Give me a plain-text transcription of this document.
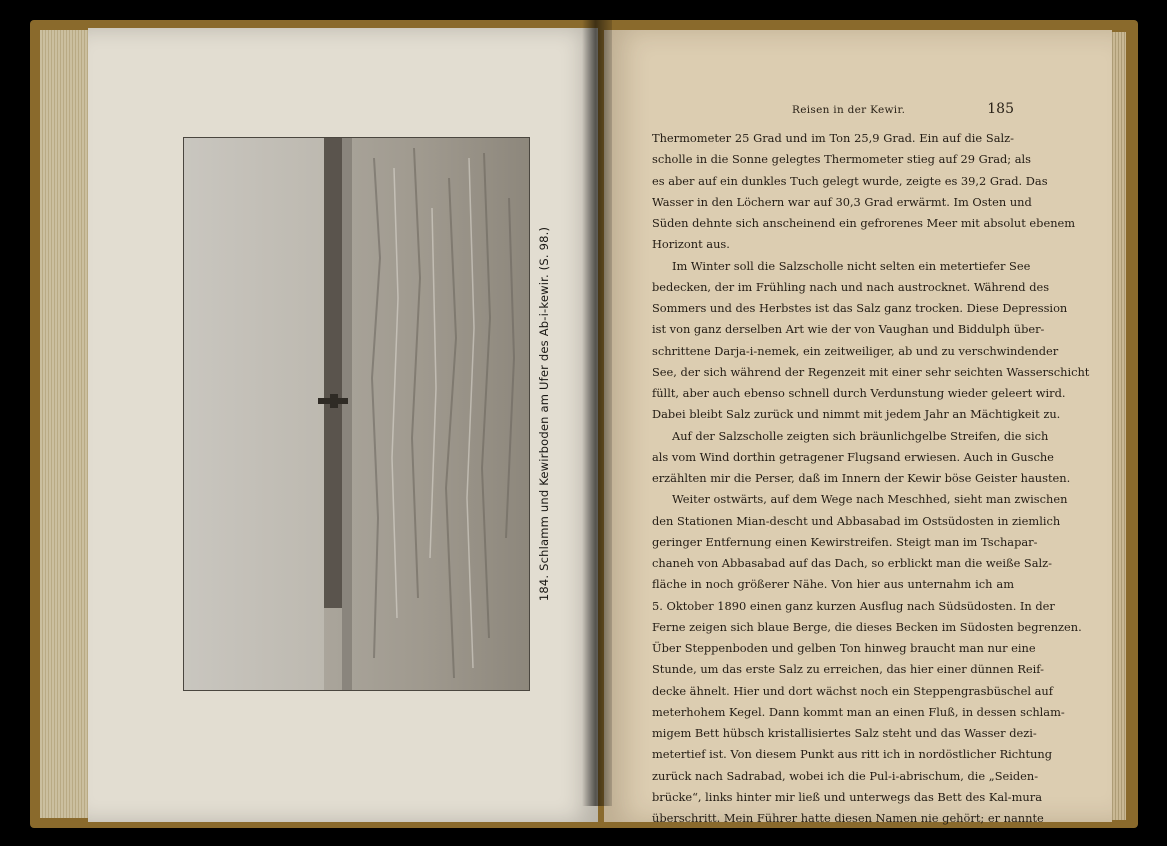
184. Schlamm und Kewirboden am Ufer des Ab-i-kewir. (S. 98.)
Reisen in der Kewir.	185
Thermometer 25 Grad und im Ton 25,9 Grad. Ein auf die Salz-
scholle in die Sonne gelegtes Thermometer stieg auf 29 Grad; als
es aber auf ein dunkles Tuch gelegt wurde, zeigte es 39,2 Grad. Das
Wasser in den Löchern war auf 30,3 Grad erwärmt. Im Osten und
Süden dehnte sich anscheinend ein gefrorenes Meer mit absolut ebenem
Horizont aus.
Im Winter soll die Salzscholle nicht selten ein metertiefer See
bedecken, der im Frühling nach und nach austrocknet. Während des
Sommers und des Herbstes ist das Salz ganz trocken. Diese Depression
ist von ganz derselben Art wie der von Vaughan und Biddulph über-
schrittene Darja-i-nemek, ein zeitweiliger, ab und zu verschwindender
See, der sich während der Regenzeit mit einer sehr seichten Wasserschicht
füllt, aber auch ebenso schnell durch Verdunstung wieder geleert wird.
Dabei bleibt Salz zurück und nimmt mit jedem Jahr an Mächtigkeit zu.
Auf der Salzscholle zeigten sich bräunlichgelbe Streifen, die sich
als vom Wind dorthin getragener Flugsand erwiesen. Auch in Gusche
erzählten mir die Perser, daß im Innern der Kewir böse Geister hausten.
Weiter ostwärts, auf dem Wege nach Meschhed, sieht man zwischen
den Stationen Mian-descht und Abbasabad im Ostsüdosten in ziemlich
geringer Entfernung einen Kewirstreifen. Steigt man im Tschapar-
chaneh von Abbasabad auf das Dach, so erblickt man die weiße Salz-
fläche in noch größerer Nähe. Von hier aus unternahm ich am
5. Oktober 1890 einen ganz kurzen Ausflug nach Südsüdosten. In der
Ferne zeigen sich blaue Berge, die dieses Becken im Südosten begrenzen.
Über Steppenboden und gelben Ton hinweg braucht man nur eine
Stunde, um das erste Salz zu erreichen, das hier einer dünnen Reif-
decke ähnelt. Hier und dort wächst noch ein Steppengrasbüschel auf
meterhohem Kegel. Dann kommt man an einen Fluß, in dessen schlam-
migem Bett hübsch kristallisiertes Salz steht und das Wasser dezi-
metertief ist. Von diesem Punkt aus ritt ich in nordöstlicher Richtung
zurück nach Sadrabad, wobei ich die Pul-i-abrischum, die „Seiden-
brücke“, links hinter mir ließ und unterwegs das Bett des Kal-mura
überschritt. Mein Führer hatte diesen Namen nie gehört; er nannte
